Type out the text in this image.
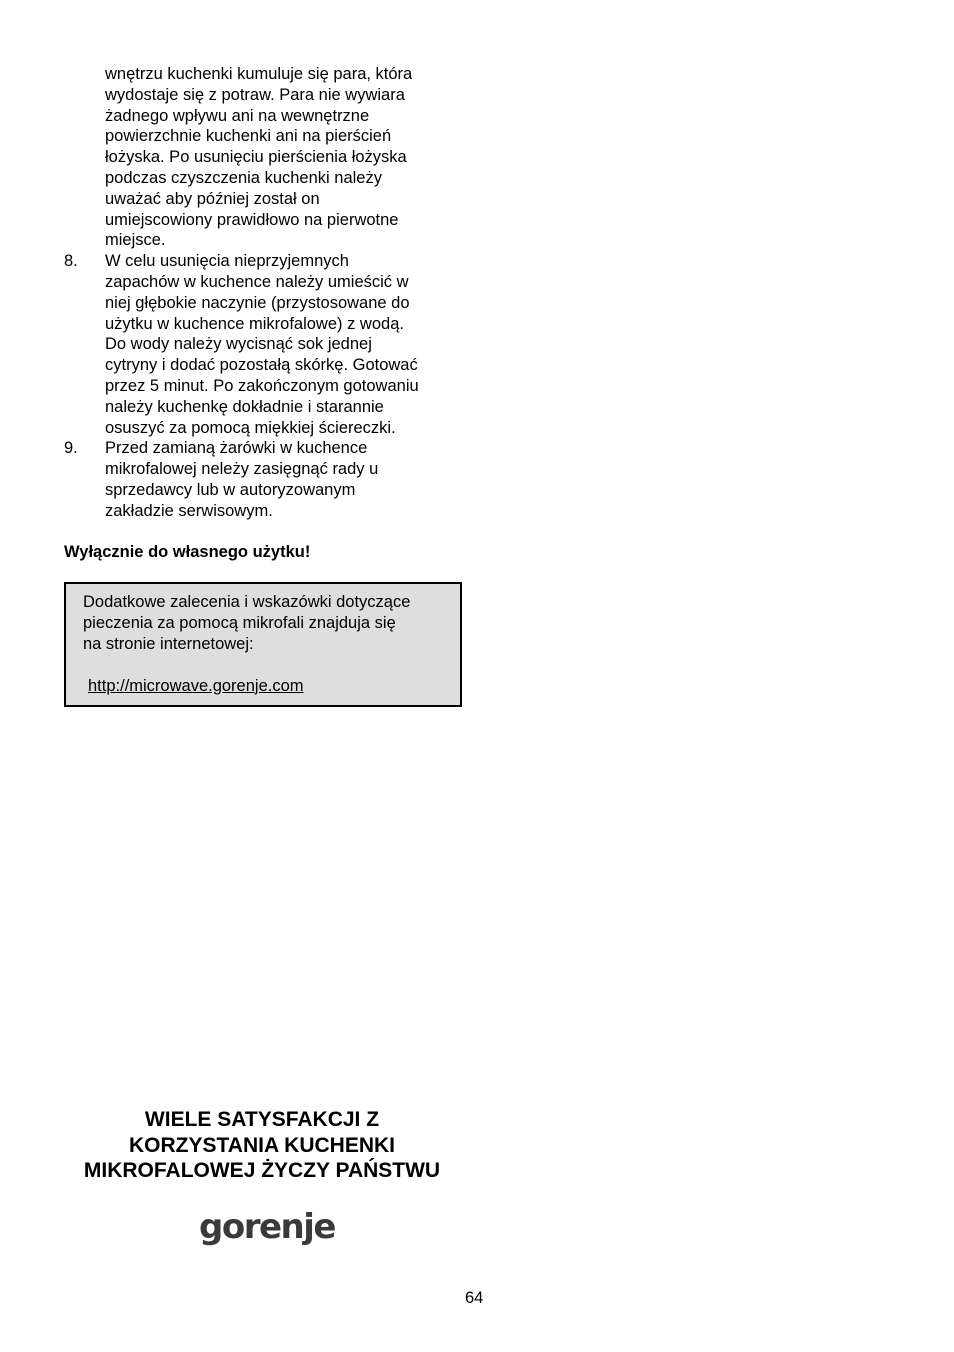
wnętrzu kuchenki kumuluje się para, która
wydostaje się z potraw. Para nie wywiara
żadnego wpływu ani na wewnętrzne
powierzchnie kuchenki ani na pierścień
łożyska. Po usunięciu pierścienia łożyska
podczas czyszczenia kuchenki należy
uważać aby później został on
umiejscowiony prawidłowo na pierwotne
miejsce.
8.	W celu usunięcia nieprzyjemnych
zapachów w kuchence należy umieścić w
niej głębokie naczynie (przystosowane do
użytku w kuchence mikrofalowe) z wodą.
Do wody należy wycisnąć sok jednej
cytryny i dodać pozostałą skórkę. Gotować
przez 5 minut. Po zakończonym gotowaniu
należy kuchenkę dokładnie i starannie
osuszyć za pomocą miękkiej ściereczki.
9.	Przed zamianą żarówki w kuchence
mikrofalowej neleży zasięgnąć rady u
sprzedawcy lub w autoryzowanym
zakładzie serwisowym.
Wyłącznie do własnego użytku!
Dodatkowe zalecenia i wskazówki dotyczące
pieczenia za pomocą mikrofali znajduja się
na stronie internetowej:
http://microwave.gorenje.com
WIELE SATYSFAKCJI Z
KORZYSTANIA KUCHENKI
MIKROFALOWEJ ŻYCZY PAŃSTWU
gorenje
64
